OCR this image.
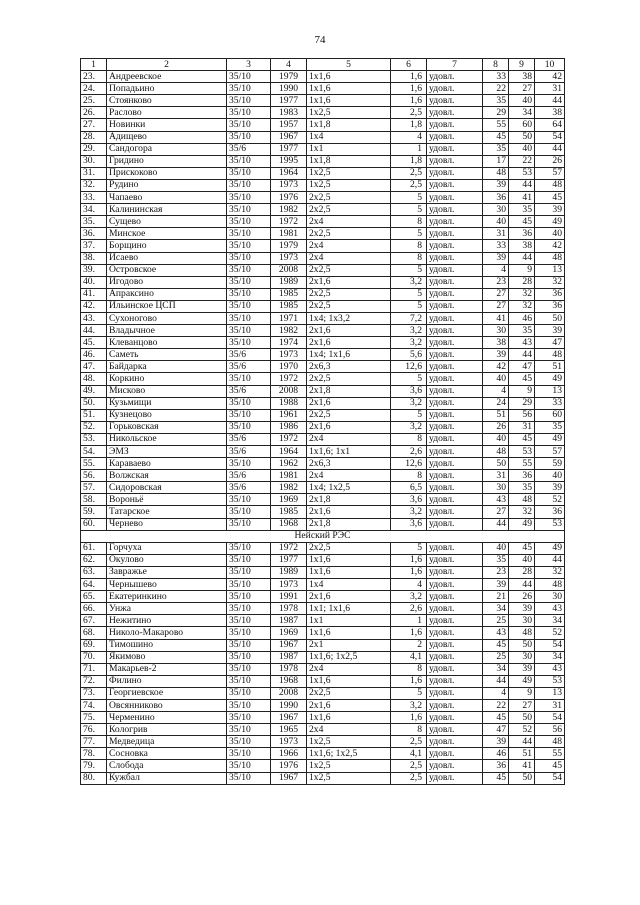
74
1	2	3	4	5	6	7	8	9	10
23.	Андреевское	35/10	1979	1х1,6	1,6	удовл.	33	38	42
24.	Попадьино	35/10	1990	1х1,6	1,6	удовл.	22	27	31
25.	Стоянково	35/10	1977	1х1,6	1,6	удовл.	35	40	44
26.	Раслово	35/10	1983	1х2,5	2,5	удовл.	29	34	38
27.	Новинки	35/10	1957	1х1,8	1,8	удовл.	55	60	64
28.	Адищево	35/10	1967	1х4	4	удовл.	45	50	54
29.	Сандогора	35/6	1977	1х1	1	удовл.	35	40	44
30.	Гридино	35/10	1995	1х1,8	1,8	удовл.	17	22	26
31.	Прискоково	35/10	1964	1х2,5	2,5	удовл.	48	53	57
32.	Рудино	35/10	1973	1х2,5	2,5	удовл.	39	44	48
33.	Чапаево	35/10	1976	2х2,5	5	удовл.	36	41	45
34.	Калининская	35/10	1982	2х2,5	5	удовл.	30	35	39
35.	Сущево	35/10	1972	2х4	8	удовл.	40	45	49
36.	Минское	35/10	1981	2х2,5	5	удовл.	31	36	40
37.	Борщино	35/10	1979	2х4	8	удовл.	33	38	42
38.	Исаево	35/10	1973	2х4	8	удовл.	39	44	48
39.	Островское	35/10	2008	2х2,5	5	удовл.	4	9	13
40.	Игодово	35/10	1989	2х1,6	3,2	удовл.	23	28	32
41.	Апраксино	35/10	1985	2х2,5	5	удовл.	27	32	36
42.	Ильинское ЦСП	35/10	1985	2х2,5	5	удовл.	27	32	36
43.	Сухоногово	35/10	1971	1х4; 1х3,2	7,2	удовл.	41	46	50
44.	Владычное	35/10	1982	2х1,6	3,2	удовл.	30	35	39
45.	Клеванцово	35/10	1974	2х1,6	3,2	удовл.	38	43	47
46.	Саметь	35/6	1973	1х4; 1х1,6	5,6	удовл.	39	44	48
47.	Байдарка	35/6	1970	2х6,3	12,6	удовл.	42	47	51
48.	Коркино	35/10	1972	2х2,5	5	удовл.	40	45	49
49.	Мисково	35/6	2008	2х1,8	3,6	удовл.	4	9	13
50.	Кузьмищи	35/10	1988	2х1,6	3,2	удовл.	24	29	33
51.	Кузнецово	35/10	1961	2х2,5	5	удовл.	51	56	60
52.	Горьковская	35/10	1986	2х1,6	3,2	удовл.	26	31	35
53.	Никольское	35/6	1972	2х4	8	удовл.	40	45	49
54.	ЭМЗ	35/6	1964	1х1,6; 1х1	2,6	удовл.	48	53	57
55.	Караваево	35/10	1962	2х6,3	12,6	удовл.	50	55	59
56.	Волжская	35/6	1981	2х4	8	удовл.	31	36	40
57.	Сидоровская	35/6	1982	1х4; 1х2,5	6,5	удовл.	30	35	39
58.	Вороньё	35/10	1969	2х1,8	3,6	удовл.	43	48	52
59.	Татарское	35/10	1985	2х1,6	3,2	удовл.	27	32	36
60.	Чернево	35/10	1968	2х1,8	3,6	удовл.	44	49	53
Нейский РЭС									
61.	Горчуха	35/10	1972	2х2,5	5	удовл.	40	45	49
62.	Окулово	35/10	1977	1х1,6	1,6	удовл.	35	40	44
63.	Завражье	35/10	1989	1х1,6	1,6	удовл.	23	28	32
64.	Чернышево	35/10	1973	1х4	4	удовл.	39	44	48
65.	Екатеринкино	35/10	1991	2х1,6	3,2	удовл.	21	26	30
66.	Унжа	35/10	1978	1х1; 1х1,6	2,6	удовл.	34	39	43
67.	Нежитино	35/10	1987	1х1	1	удовл.	25	30	34
68.	Николо-Макарово	35/10	1969	1х1,6	1,6	удовл.	43	48	52
69.	Тимошино	35/10	1967	2х1	2	удовл.	45	50	54
70.	Якимово	35/10	1987	1х1,6; 1х2,5	4,1	удовл.	25	30	34
71.	Макарьев-2	35/10	1978	2х4	8	удовл.	34	39	43
72.	Филино	35/10	1968	1х1,6	1,6	удовл.	44	49	53
73.	Георгиевское	35/10	2008	2х2,5	5	удовл.	4	9	13
74.	Овсянниково	35/10	1990	2х1,6	3,2	удовл.	22	27	31
75.	Черменино	35/10	1967	1х1,6	1,6	удовл.	45	50	54
76.	Кологрив	35/10	1965	2х4	8	удовл.	47	52	56
77.	Медведица	35/10	1973	1х2,5	2,5	удовл.	39	44	48
78.	Сосновка	35/10	1966	1х1,6; 1х2,5	4,1	удовл.	46	51	55
79.	Слобода	35/10	1976	1х2,5	2,5	удовл.	36	41	45
80.	Кужбал	35/10	1967	1х2,5	2,5	удовл.	45	50	54
